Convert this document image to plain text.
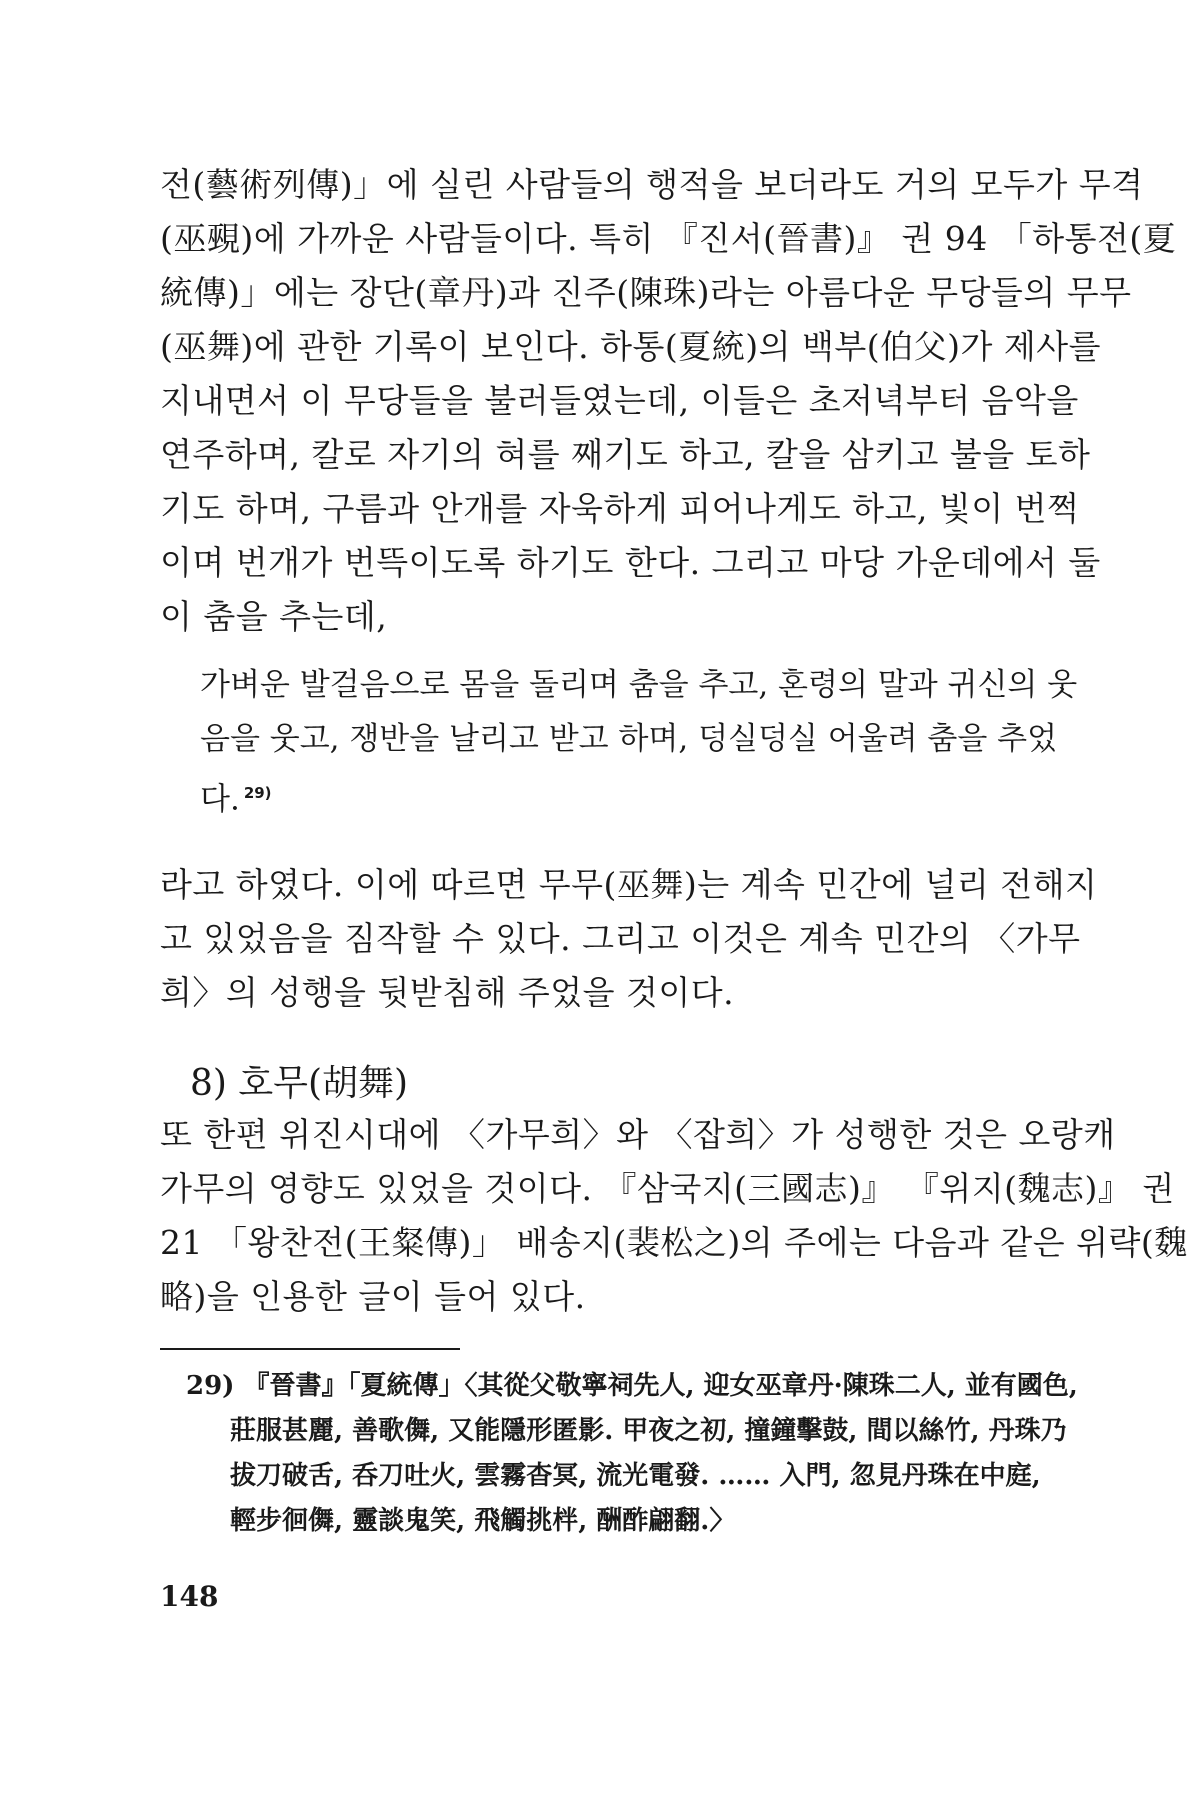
전(藝術列傳)」에 실린 사람들의 행적을 보더라도 거의 모두가 무격
(巫覡)에 가까운 사람들이다. 특히 『진서(晉書)』 권 94 「하통전(夏
統傳)」에는 장단(章丹)과 진주(陳珠)라는 아름다운 무당들의 무무
(巫舞)에 관한 기록이 보인다. 하통(夏統)의 백부(伯父)가 제사를
지내면서 이 무당들을 불러들였는데, 이들은 초저녁부터 음악을
연주하며, 칼로 자기의 혀를 째기도 하고, 칼을 삼키고 불을 토하
기도 하며, 구름과 안개를 자욱하게 피어나게도 하고, 빛이 번쩍
이며 번개가 번뜩이도록 하기도 한다. 그리고 마당 가운데에서 둘
이 춤을 추는데,
가벼운 발걸음으로 몸을 돌리며 춤을 추고, 혼령의 말과 귀신의 웃
음을 웃고, 쟁반을 날리고 받고 하며, 덩실덩실 어울려 춤을 추었
다. $^{29)}$
라고 하였다. 이에 따르면 무무(巫舞)는 계속 민간에 널리 전해지
고 있었음을 짐작할 수 있다. 그리고 이것은 계속 민간의 〈가무
희〉의 성행을 뒷받침해 주었을 것이다.
8) 호무(胡舞)
또 한편 위진시대에 〈가무희〉와 〈잡희〉가 성행한 것은 오랑캐
가무의 영향도 있었을 것이다. 『삼국지(三國志)』 『위지(魏志)』 권
21 「왕찬전(王粲傳)」 배송지(裴松之)의 주에는 다음과 같은 위략(魏
略)을 인용한 글이 들어 있다.
29) 『晉書』「夏統傳」〈其從父敬寧祠先人, 迎女巫章丹·陳珠二人, 並有國色,
莊服甚麗, 善歌儛, 又能隱形匿影. 甲夜之初, 撞鐘擊鼓, 間以絲竹, 丹珠乃
拔刀破舌, 呑刀吐火, 雲霧杳冥, 流光電發. …… 入門, 忽見丹珠在中庭,
輕步徊儛, 靈談鬼笑, 飛觸挑柈, 酬酢翩翻.〉
148
